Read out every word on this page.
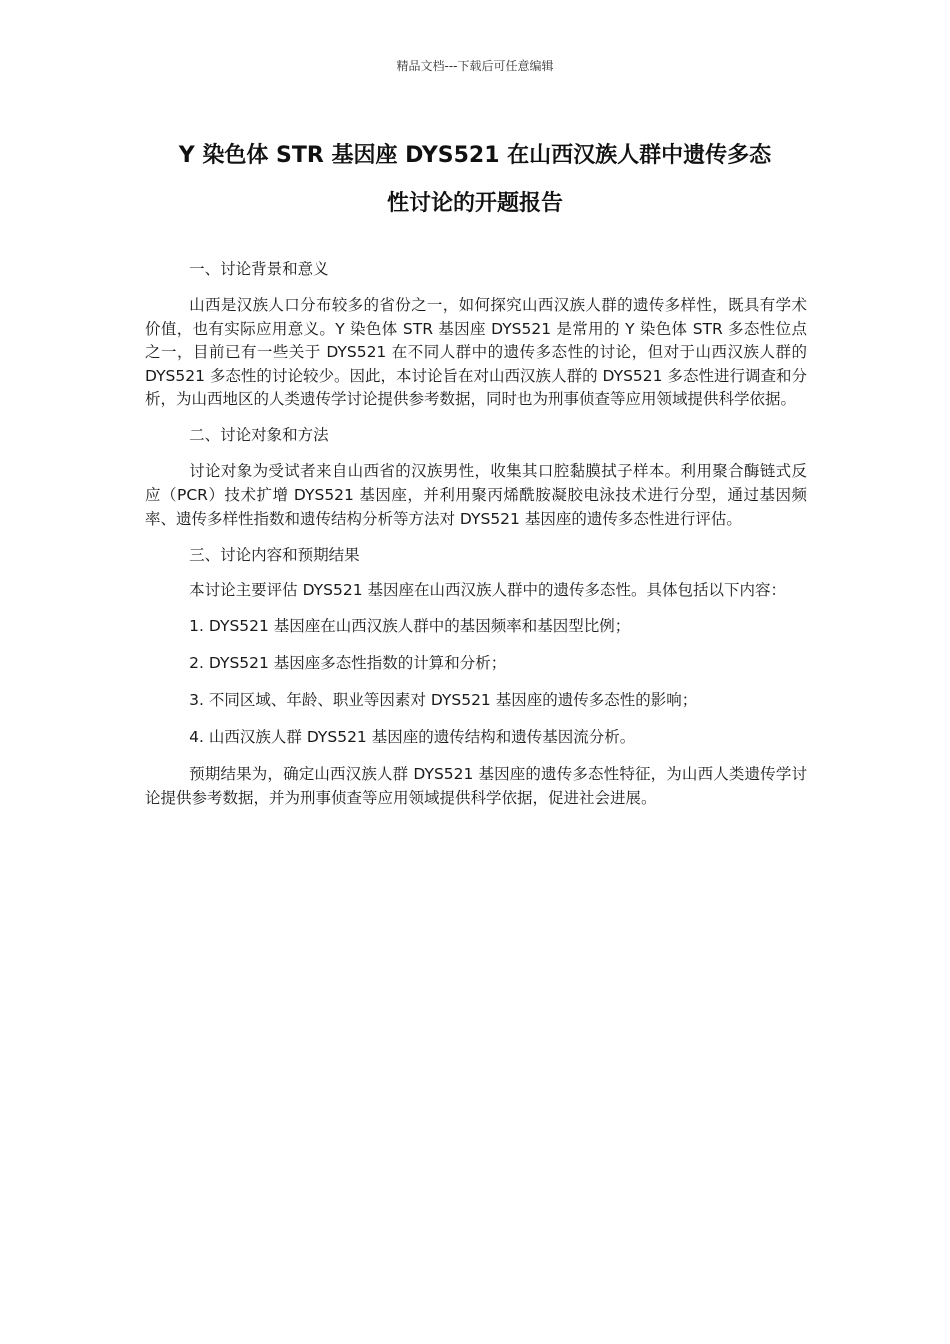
精品文档---下载后可任意编辑
Y 染色体 STR 基因座 DYS521 在山西汉族人群中遗传多态
性讨论的开题报告
一、讨论背景和意义

山西是汉族人口分布较多的省份之一，如何探究山西汉族人群的遗传多样性，既具有学术价值，也有实际应用意义。Y 染色体 STR 基因座 DYS521 是常用的 Y 染色体 STR 多态性位点之一，目前已有一些关于 DYS521 在不同人群中的遗传多态性的讨论，但对于山西汉族人群的 DYS521 多态性的讨论较少。因此，本讨论旨在对山西汉族人群的 DYS521 多态性进行调查和分析，为山西地区的人类遗传学讨论提供参考数据，同时也为刑事侦查等应用领域提供科学依据。

二、讨论对象和方法

讨论对象为受试者来自山西省的汉族男性，收集其口腔黏膜拭子样本。利用聚合酶链式反应（PCR）技术扩增 DYS521 基因座，并利用聚丙烯酰胺凝胶电泳技术进行分型，通过基因频率、遗传多样性指数和遗传结构分析等方法对 DYS521 基因座的遗传多态性进行评估。

三、讨论内容和预期结果

本讨论主要评估 DYS521 基因座在山西汉族人群中的遗传多态性。具体包括以下内容：

1. DYS521 基因座在山西汉族人群中的基因频率和基因型比例；
2. DYS521 基因座多态性指数的计算和分析；
3. 不同区域、年龄、职业等因素对 DYS521 基因座的遗传多态性的影响；
4. 山西汉族人群 DYS521 基因座的遗传结构和遗传基因流分析。

预期结果为，确定山西汉族人群 DYS521 基因座的遗传多态性特征，为山西人类遗传学讨论提供参考数据，并为刑事侦查等应用领域提供科学依据，促进社会进展。
